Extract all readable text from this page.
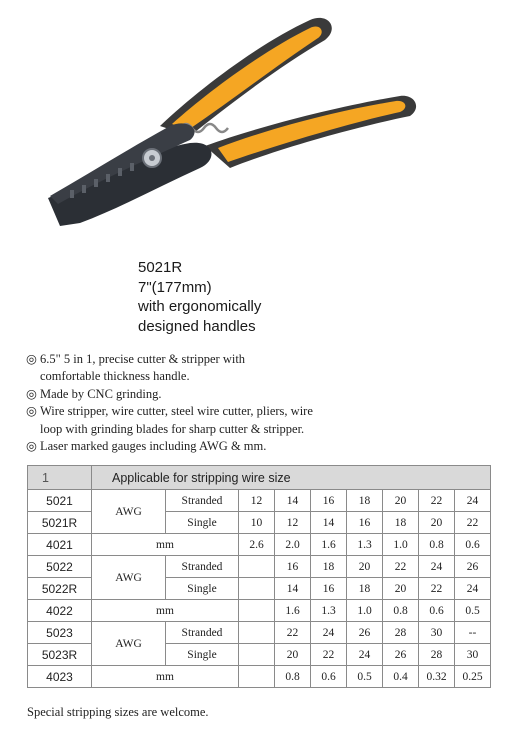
5021R
7"(177mm)
with ergonomically
designed handles
◎ 6.5" 5 in 1, precise cutter & stripper with
comfortable thickness handle.
◎ Made by CNC grinding.
◎ Wire stripper, wire cutter, steel wire cutter, pliers, wire
loop with grinding blades for sharp cutter & stripper.
◎ Laser marked gauges including AWG & mm.
1	Applicable for stripping wire size								
5021	AWG	Stranded	12	14	16	18	20	22	24
5021R		Single	10	12	14	16	18	20	22
4021	mm		2.6	2.0	1.6	1.3	1.0	0.8	0.6
5022	AWG	Stranded		16	18	20	22	24	26
5022R		Single		14	16	18	20	22	24
4022	mm			1.6	1.3	1.0	0.8	0.6	0.5
5023	AWG	Stranded		22	24	26	28	30	--
5023R		Single		20	22	24	26	28	30
4023	mm			0.8	0.6	0.5	0.4	0.32	0.25
Special stripping sizes are welcome.
